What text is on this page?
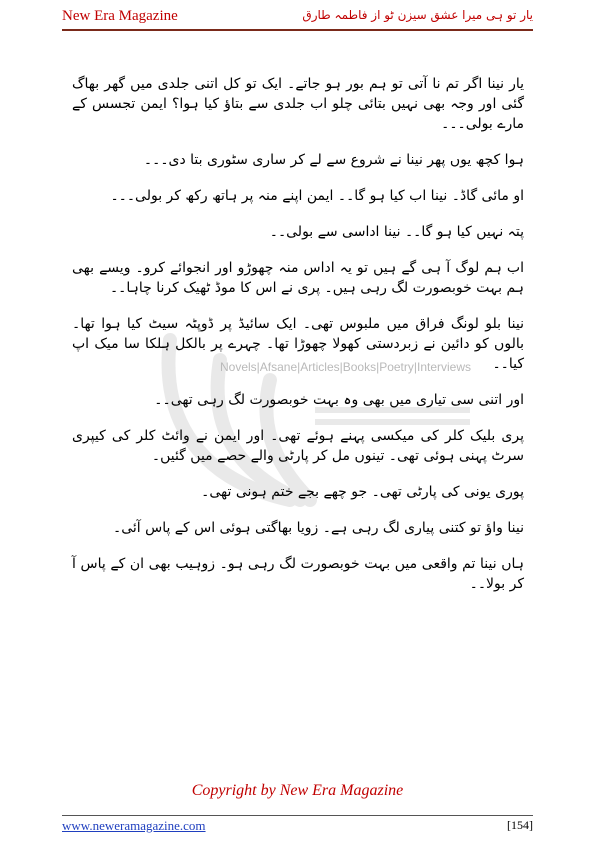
New Era Magazine	یار تو ہی میرا عشق سیزن ٹو از فاطمہ طارق
Novels|Afsane|Articles|Books|Poetry|Interviews

یار نینا اگر تم نا آتی تو ہم بور ہو جاتے۔ ایک تو کل اتنی جلدی میں گھر بھاگ گئی اور وجہ بھی نہیں بتائی چلو اب جلدی سے بتاؤ کیا ہوا؟ ایمن تجسس کے مارے بولی۔۔۔

ہوا کچھ یوں پھر نینا نے شروع سے لے کر ساری سٹوری بتا دی۔۔۔

او مائی گاڈ۔ نینا اب کیا ہو گا۔۔ ایمن اپنے منہ پر ہاتھ رکھ کر بولی۔۔۔

پتہ نہیں کیا ہو گا۔۔ نینا اداسی سے بولی۔۔

اب ہم لوگ آ ہی گے ہیں تو یہ اداس منہ چھوڑو اور انجوائے کرو۔ ویسے بھی ہم بہت خوبصورت لگ رہی ہیں۔ پری نے اس کا موڈ ٹھیک کرنا چاہا۔۔

نینا بلو لونگ فراق میں ملبوس تھی۔ ایک سائیڈ پر ڈوپٹہ سیٹ کیا ہوا تھا۔ بالوں کو دائین نے زبردستی کھولا چھوڑا تھا۔ چہرے پر بالکل ہلکا سا میک اپ کیا۔۔

اور اتنی سی تیاری میں بھی وہ بہت خوبصورت لگ رہی تھی۔۔

پری بلیک کلر کی میکسی پہنے ہوئے تھی۔ اور ایمن نے وائٹ کلر کی کیپری سرٹ پہنی ہوئی تھی۔ تینوں مل کر پارٹی والے حصے میں گئیں۔

پوری یونی کی پارٹی تھی۔ جو چھے بجے ختم ہونی تھی۔

نینا واؤ تو کتنی پیاری لگ رہی ہے۔ زویا بھاگتی ہوئی اس کے پاس آئی۔

ہاں نینا تم واقعی میں بہت خوبصورت لگ رہی ہو۔ زوہیب بھی ان کے پاس آ کر بولا۔۔

Copyright by New Era Magazine
www.neweramagazine.com	[154]
